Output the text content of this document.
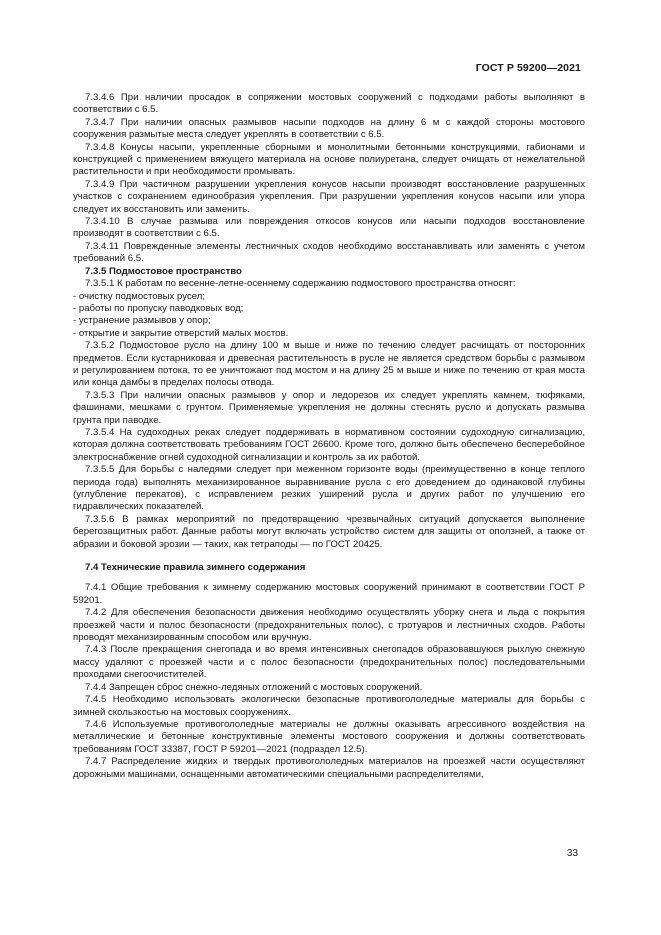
ГОСТ Р 59200—2021

7.3.4.6 При наличии просадок в сопряжении мостовых сооружений с подходами работы выполняют в соответствии с 6.5.

7.3.4.7 При наличии опасных размывов насыпи подходов на длину 6 м с каждой стороны мостового сооружения размытые места следует укреплять в соответствии с 6.5.

7.3.4.8 Конусы насыпи, укрепленные сборными и монолитными бетонными конструкциями, габионами и конструкцией с применением вяжущего материала на основе полиуретана, следует очищать от нежелательной растительности и при необходимости промывать.

7.3.4.9 При частичном разрушении укрепления конусов насыпи производят восстановление разрушенных участков с сохранением единообразия укрепления. При разрушении укрепления конусов насыпи или упора следует их восстановить или заменить.

7.3.4.10 В случае размыва или повреждения откосов конусов или насыпи подходов восстановление производят в соответствии с 6.5.

7.3.4.11 Поврежденные элементы лестничных сходов необходимо восстанавливать или заменять с учетом требований 6.5.

7.3.5 Подмостовое пространство

7.3.5.1 К работам по весенне-летне-осеннему содержанию подмостового пространства относят:

- очистку подмостовых русел;

- работы по пропуску паводковых вод;

- устранение размывов у опор;

- открытие и закрытие отверстий малых мостов.

7.3.5.2 Подмостовое русло на длину 100 м выше и ниже по течению следует расчищать от посторонних предметов. Если кустарниковая и древесная растительность в русле не является средством борьбы с размывом и регулированием потока, то ее уничтожают под мостом и на длину 25 м выше и ниже по течению от края моста или конца дамбы в пределах полосы отвода.

7.3.5.3 При наличии опасных размывов у опор и ледорезов их следует укреплять камнем, тюфяками, фашинами, мешками с грунтом. Применяемые укрепления не должны стеснять русло и допускать размыва грунта при паводке.

7.3.5.4 На судоходных реках следует поддерживать в нормативном состоянии судоходную сигнализацию, которая должна соответствовать требованиям ГОСТ 26600. Кроме того, должно быть обеспечено бесперебойное электроснабжение огней судоходной сигнализации и контроль за их работой.

7.3.5.5 Для борьбы с наледями следует при меженном горизонте воды (преимущественно в конце теплого периода года) выполнять механизированное выравнивание русла с его доведением до одинаковой глубины (углубление перекатов), с исправлением резких уширений русла и других работ по улучшению его гидравлических показателей.

7.3.5.6 В рамках мероприятий по предотвращению чрезвычайных ситуаций допускается выполнение берегозащитных работ. Данные работы могут включать устройство систем для защиты от оползней, а также от абразии и боковой эрозии — таких, как тетраподы — по ГОСТ 20425.

7.4 Технические правила зимнего содержания

7.4.1 Общие требования к зимнему содержанию мостовых сооружений принимают в соответствии ГОСТ Р 59201.

7.4.2 Для обеспечения безопасности движения необходимо осуществлять уборку снега и льда с покрытия проезжей части и полос безопасности (предохранительных полос), с тротуаров и лестничных сходов. Работы проводят механизированным способом или вручную.

7.4.3 После прекращения снегопада и во время интенсивных снегопадов образовавшуюся рыхлую снежную массу удаляют с проезжей части и с полос безопасности (предохранительных полос) последовательными проходами снегоочистителей.

7.4.4 Запрещен сброс снежно-ледяных отложений с мостовых сооружений.

7.4.5 Необходимо использовать экологически безопасные противогололедные материалы для борьбы с зимней скользкостью на мостовых сооружениях.

7.4.6 Используемые противогололедные материалы не должны оказывать агрессивного воздействия на металлические и бетонные конструктивные элементы мостового сооружения и должны соответствовать требованиям ГОСТ 33387, ГОСТ Р 59201—2021 (подраздел 12.5).

7.4.7 Распределение жидких и твердых противогололедных материалов на проезжей части осуществляют дорожными машинами, оснащенными автоматическими специальными распределителями,

33
